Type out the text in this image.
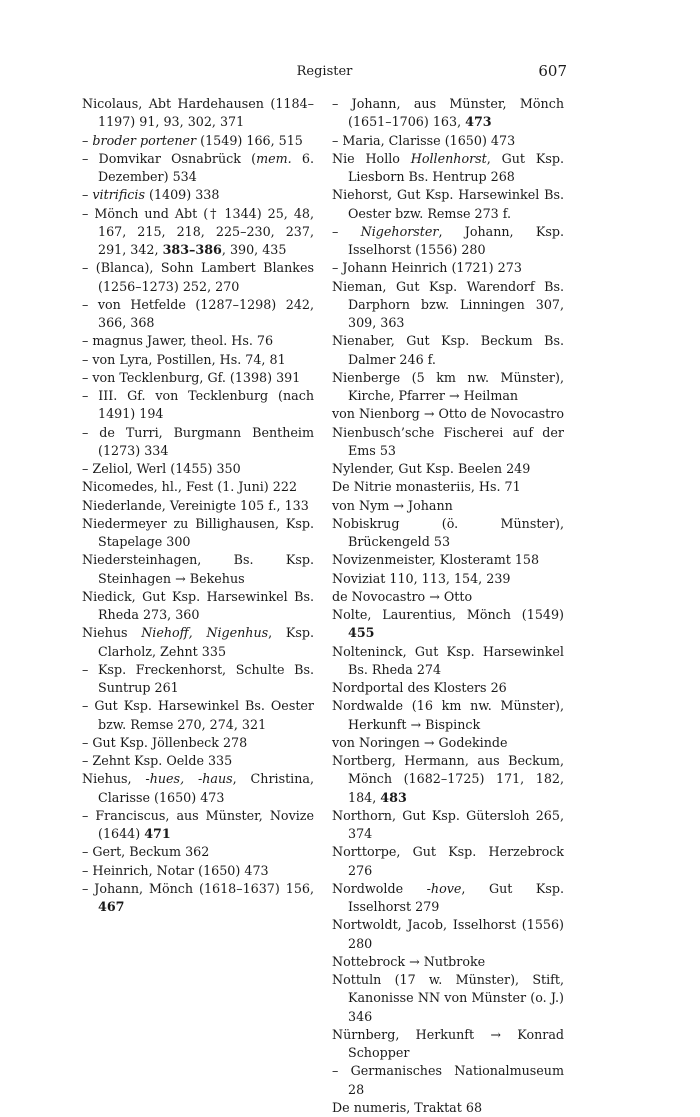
Register	607
Nicolaus, Abt Hardehausen (1184–1197) 91, 93, 302, 371
– broder portener (1549) 166, 515
– Domvikar Osnabrück (mem. 6. Dezember) 534
– vitrificis (1409) 338
– Mönch und Abt († 1344) 25, 48, 167, 215, 218, 225–230, 237, 291, 342, 383–386, 390, 435
– (Blanca), Sohn Lambert Blankes (1256–1273) 252, 270
– von Hetfelde (1287–1298) 242, 366, 368
– magnus Jawer, theol. Hs. 76
– von Lyra, Postillen, Hs. 74, 81
– von Tecklenburg, Gf. (1398) 391
– III. Gf. von Tecklenburg (nach 1491) 194
– de Turri, Burgmann Bentheim (1273) 334
– Zeliol, Werl (1455) 350
Nicomedes, hl., Fest (1. Juni) 222
Niederlande, Vereinigte 105 f., 133
Niedermeyer zu Billighausen, Ksp. Stapelage 300
Niedersteinhagen, Bs. Ksp. Steinhagen → Bekehus
Niedick, Gut Ksp. Harsewinkel Bs. Rheda 273, 360
Niehus Niehoff, Nigenhus, Ksp. Clarholz, Zehnt 335
– Ksp. Freckenhorst, Schulte Bs. Suntrup 261
– Gut Ksp. Harsewinkel Bs. Oester bzw. Remse 270, 274, 321
– Gut Ksp. Jöllenbeck 278
– Zehnt Ksp. Oelde 335
Niehus, -hues, -haus, Christina, Clarisse (1650) 473
– Franciscus, aus Münster, Novize (1644) 471
– Gert, Beckum 362
– Heinrich, Notar (1650) 473
– Johann, Mönch (1618–1637) 156, 467
– Johann, aus Münster, Mönch (1651–1706) 163, 473
– Maria, Clarisse (1650) 473
Nie Hollo Hollenhorst, Gut Ksp. Liesborn Bs. Hentrup 268
Niehorst, Gut Ksp. Harsewinkel Bs. Oester bzw. Remse 273 f.
– Nigehorster, Johann, Ksp. Isselhorst (1556) 280
– Johann Heinrich (1721) 273
Nieman, Gut Ksp. Warendorf Bs. Darphorn bzw. Linningen 307, 309, 363
Nienaber, Gut Ksp. Beckum Bs. Dalmer 246 f.
Nienberge (5 km nw. Münster), Kirche, Pfarrer → Heilman
von Nienborg → Otto de Novocastro
Nienbusch’sche Fischerei auf der Ems 53
Nylender, Gut Ksp. Beelen 249
De Nitrie monasteriis, Hs. 71
von Nym → Johann
Nobiskrug (ö. Münster), Brückengeld 53
Novizenmeister, Klosteramt 158
Noviziat 110, 113, 154, 239
de Novocastro → Otto
Nolte, Laurentius, Mönch (1549) 455
Nolteninck, Gut Ksp. Harsewinkel Bs. Rheda 274
Nordportal des Klosters 26
Nordwalde (16 km nw. Münster), Herkunft → Bispinck
von Noringen → Godekinde
Nortberg, Hermann, aus Beckum, Mönch (1682–1725) 171, 182, 184, 483
Northorn, Gut Ksp. Gütersloh 265, 374
Norttorpe, Gut Ksp. Herzebrock 276
Nordwolde -hove, Gut Ksp. Isselhorst 279
Nortwoldt, Jacob, Isselhorst (1556) 280
Nottebrock → Nutbroke
Nottuln (17 w. Münster), Stift, Kanonisse NN von Münster (o. J.) 346
Nürnberg, Herkunft → Konrad Schopper
– Germanisches Nationalmuseum 28
De numeris, Traktat 68
